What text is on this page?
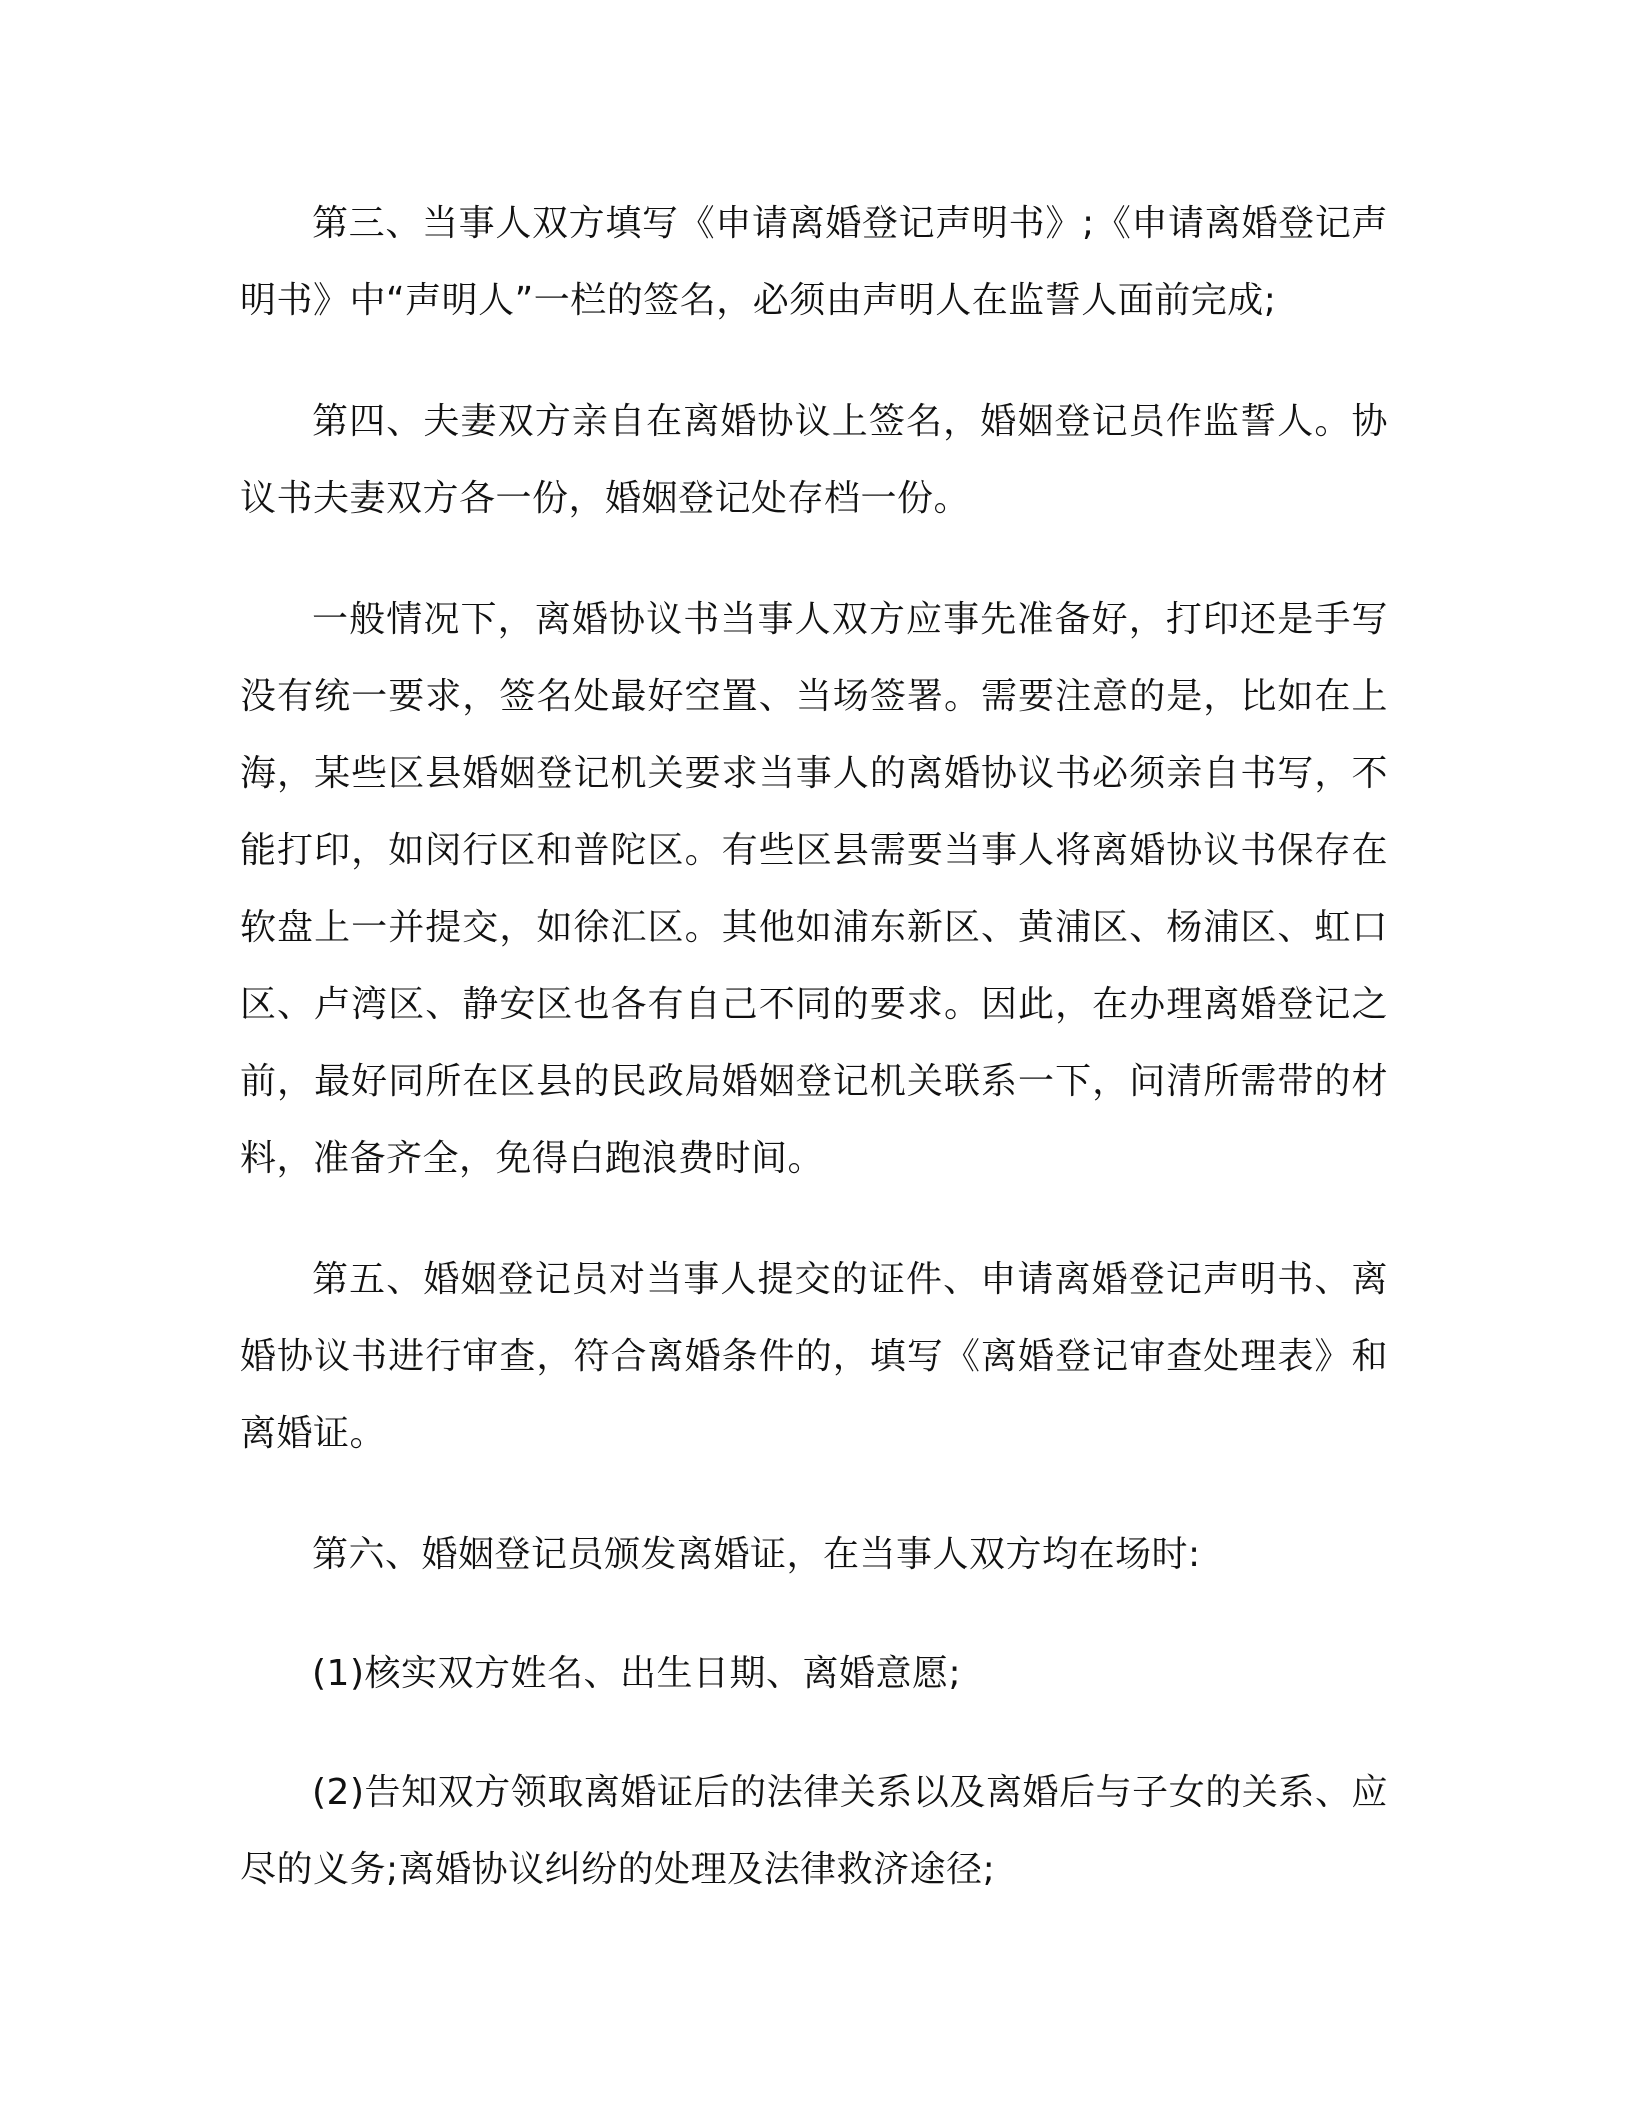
第三、当事人双方填写《申请离婚登记声明书》;《申请离婚登记声明书》中“声明人”一栏的签名，必须由声明人在监誓人面前完成;

第四、夫妻双方亲自在离婚协议上签名，婚姻登记员作监誓人。协议书夫妻双方各一份，婚姻登记处存档一份。

一般情况下，离婚协议书当事人双方应事先准备好，打印还是手写没有统一要求，签名处最好空置、当场签署。需要注意的是，比如在上海，某些区县婚姻登记机关要求当事人的离婚协议书必须亲自书写，不能打印，如闵行区和普陀区。有些区县需要当事人将离婚协议书保存在软盘上一并提交，如徐汇区。其他如浦东新区、黄浦区、杨浦区、虹口区、卢湾区、静安区也各有自己不同的要求。因此，在办理离婚登记之前，最好同所在区县的民政局婚姻登记机关联系一下，问清所需带的材料，准备齐全，免得白跑浪费时间。

第五、婚姻登记员对当事人提交的证件、申请离婚登记声明书、离婚协议书进行审查，符合离婚条件的，填写《离婚登记审查处理表》和离婚证。

第六、婚姻登记员颁发离婚证，在当事人双方均在场时:

(1)核实双方姓名、出生日期、离婚意愿;

(2)告知双方领取离婚证后的法律关系以及离婚后与子女的关系、应尽的义务;离婚协议纠纷的处理及法律救济途径;
